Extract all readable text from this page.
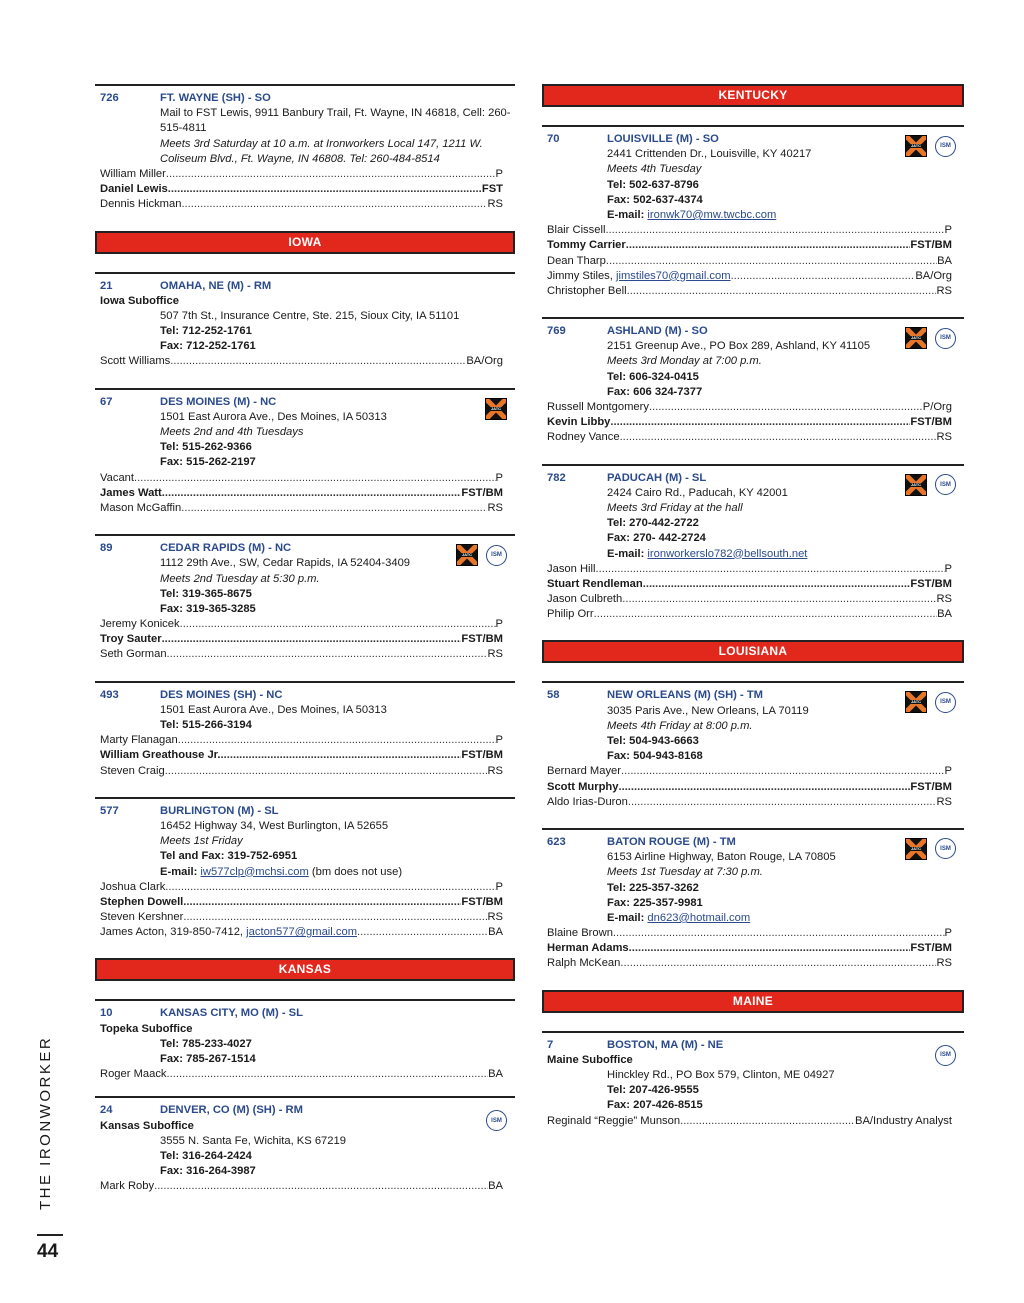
726	FT. WAYNE (SH) - SO
Mail to FST Lewis, 9911 Banbury Trail, Ft. Wayne, IN 46818, Cell: 260-
515-4811
Meets 3rd Saturday at 10 a.m. at Ironworkers Local 147, 1211 W.
Coliseum Blvd., Ft. Wayne, IN 46808. Tel: 260-484-8514
William Miller .....	P
Daniel Lewis .....	FST
Dennis Hickman .....	RS
IOWA
21	OMAHA, NE (M) - RM
Iowa Suboffice
507 7th St., Insurance Centre, Ste. 215, Sioux City, IA 51101
Tel: 712-252-1761
Fax: 712-252-1761
Scott Williams .....	BA/Org
67	DES MOINES (M) - NC
1501 East Aurora Ave., Des Moines, IA 50313
Meets 2nd and 4th Tuesdays
Tel: 515-262-9366
Fax: 515-262-2197
Vacant .....	P
James Watt .....	FST/BM
Mason McGaffin .....	RS
JATC
89	CEDAR RAPIDS (M) - NC
1112 29th Ave., SW, Cedar Rapids, IA 52404-3409
Meets 2nd Tuesday at 5:30 p.m.
Tel: 319-365-8675
Fax: 319-365-3285
Jeremy Konicek .....	P
Troy Sauter .....	FST/BM
Seth Gorman .....	RS
JATC	ISM
493	DES MOINES (SH) - NC
1501 East Aurora Ave., Des Moines, IA 50313
Tel: 515-266-3194
Marty Flanagan .....	P
William Greathouse Jr. .....	FST/BM
Steven Craig .....	RS
577	BURLINGTON (M) - SL
16452 Highway 34, West Burlington, IA 52655
Meets 1st Friday
Tel and Fax: 319-752-6951
E-mail: iw577clp@mchsi.com (bm does not use)
Joshua Clark .....	P
Stephen Dowell .....	FST/BM
Steven Kershner .....	RS
James Acton, 319-850-7412, jacton577@gmail.com .....	BA
KANSAS
10	KANSAS CITY, MO (M) - SL
Topeka Suboffice
Tel: 785-233-4027
Fax: 785-267-1514
Roger Maack .....	BA
24	DENVER, CO (M) (SH) - RM
Kansas Suboffice
3555 N. Santa Fe, Wichita, KS 67219
Tel: 316-264-2424
Fax: 316-264-3987
Mark Roby .....	BA
ISM
KENTUCKY
70	LOUISVILLE (M) - SO
2441 Crittenden Dr., Louisville, KY 40217
Meets 4th Tuesday
Tel: 502-637-8796
Fax: 502-637-4374
E-mail: ironwk70@mw.twcbc.com
Blair Cissell .....	P
Tommy Carrier .....	FST/BM
Dean Tharp .....	BA
Jimmy Stiles, jimstiles70@gmail.com .....	BA/Org
Christopher Bell .....	RS
JATC	ISM
769	ASHLAND (M) - SO
2151 Greenup Ave., PO Box 289, Ashland, KY 41105
Meets 3rd Monday at 7:00 p.m.
Tel: 606-324-0415
Fax: 606 324-7377
Russell Montgomery .....	P/Org
Kevin Libby .....	FST/BM
Rodney Vance .....	RS
JATC	ISM
782	PADUCAH (M) - SL
2424 Cairo Rd., Paducah, KY 42001
Meets 3rd Friday at the hall
Tel: 270-442-2722
Fax: 270- 442-2724
E-mail: ironworkerslo782@bellsouth.net
Jason Hill .....	P
Stuart Rendleman .....	FST/BM
Jason Culbreth .....	RS
Philip Orr .....	BA
JATC	ISM
LOUISIANA
58	NEW ORLEANS (M) (SH) - TM
3035 Paris Ave., New Orleans, LA 70119
Meets 4th Friday at 8:00 p.m.
Tel: 504-943-6663
Fax: 504-943-8168
Bernard Mayer .....	P
Scott Murphy .....	FST/BM
Aldo Irias-Duron .....	RS
JATC	ISM
623	BATON ROUGE (M) - TM
6153 Airline Highway, Baton Rouge, LA 70805
Meets 1st Tuesday at 7:30 p.m.
Tel: 225-357-3262
Fax: 225-357-9981
E-mail: dn623@hotmail.com
Blaine Brown .....	P
Herman Adams .....	FST/BM
Ralph McKean .....	RS
JATC	ISM
MAINE
7	BOSTON, MA (M) - NE
Maine Suboffice
Hinckley Rd., PO Box 579, Clinton, ME 04927
Tel: 207-426-9555
Fax: 207-426-8515
Reginald “Reggie” Munson .....	BA/Industry Analyst
ISM
THE IRONWORKER
44
